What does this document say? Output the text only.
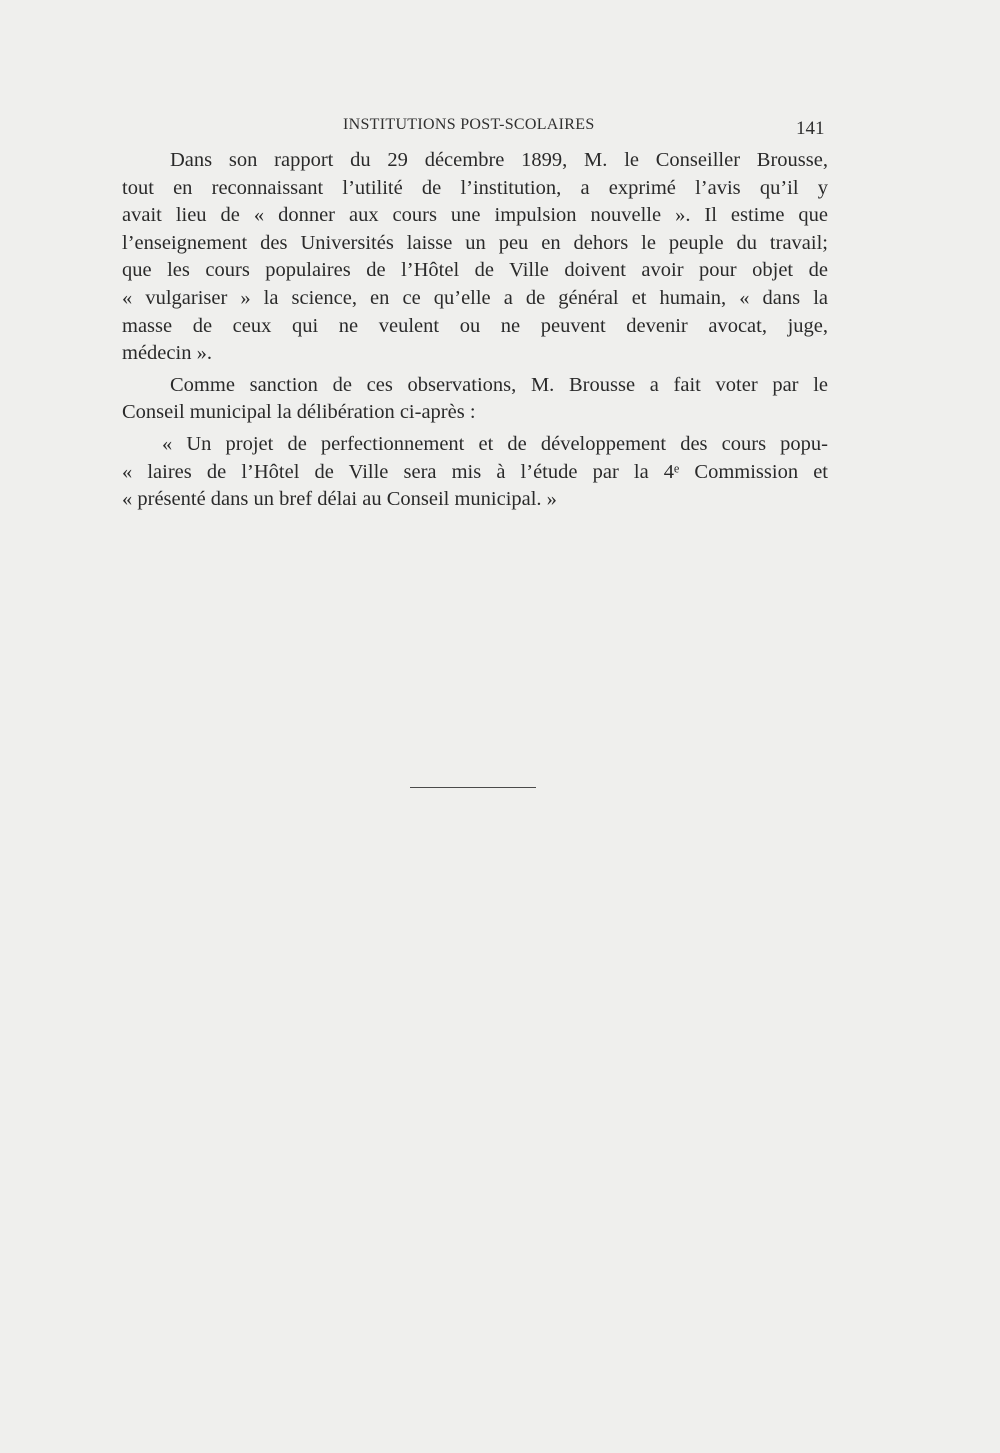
INSTITUTIONS POST-SCOLAIRES	141
Dans son rapport du 29 décembre 1899, M. le Conseiller Brousse,
tout en reconnaissant l’utilité de l’institution, a exprimé l’avis qu’il y
avait lieu de « donner aux cours une impulsion nouvelle ». Il estime que
l’enseignement des Universités laisse un peu en dehors le peuple du travail;
que les cours populaires de l’Hôtel de Ville doivent avoir pour objet de
« vulgariser » la science, en ce qu’elle a de général et humain, « dans la
masse de ceux qui ne veulent ou ne peuvent devenir avocat, juge,
médecin ».
Comme sanction de ces observations, M. Brousse a fait voter par le
Conseil municipal la délibération ci-après :
« Un projet de perfectionnement et de développement des cours popu-
« laires de l’Hôtel de Ville sera mis à l’étude par la 4ᵉ Commission et
« présenté dans un bref délai au Conseil municipal. »
